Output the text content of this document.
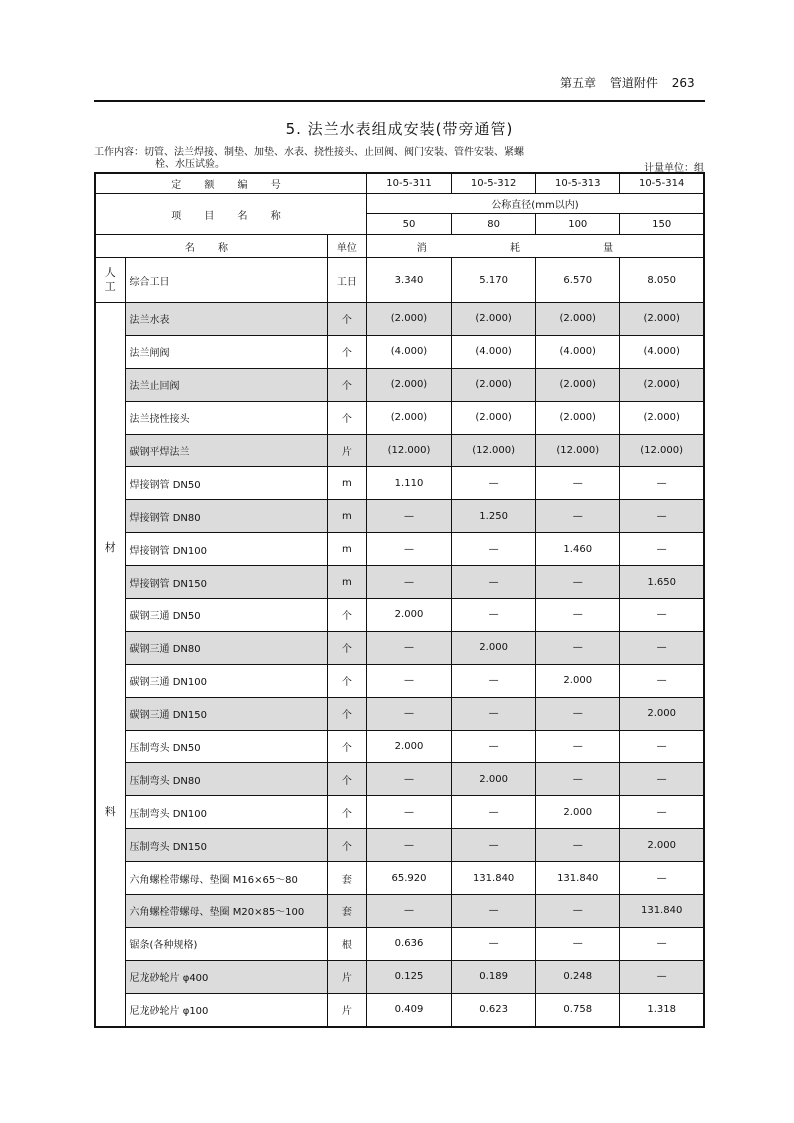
第五章 管道附件 263
5. 法兰水表组成安装(带旁通管)
工作内容：切管、法兰焊接、制垫、加垫、水表、挠性接头、止回阀、阀门安装、管件安装、紧螺
栓、水压试验。	计量单位：组
定 额 编 号			10-5-311	10-5-312	10-5-313	10-5-314
项 目 名 称			公称直径(mm以内)			
			50	80	100	150
名 称		单位	消 耗 量			

人
工	综合工日	工日	3.340	5.170	6.570	8.050

材
料	法兰水表	个	(2.000)	(2.000)	(2.000)	(2.000)
	法兰闸阀	个	(4.000)	(4.000)	(4.000)	(4.000)
	法兰止回阀	个	(2.000)	(2.000)	(2.000)	(2.000)
	法兰挠性接头	个	(2.000)	(2.000)	(2.000)	(2.000)
	碳钢平焊法兰	片	(12.000)	(12.000)	(12.000)	(12.000)
	焊接钢管 DN50	m	1.110	—	—	—
	焊接钢管 DN80	m	—	1.250	—	—
	焊接钢管 DN100	m	—	—	1.460	—
	焊接钢管 DN150	m	—	—	—	1.650
	碳钢三通 DN50	个	2.000	—	—	—
	碳钢三通 DN80	个	—	2.000	—	—
	碳钢三通 DN100	个	—	—	2.000	—
	碳钢三通 DN150	个	—	—	—	2.000
	压制弯头 DN50	个	2.000	—	—	—
	压制弯头 DN80	个	—	2.000	—	—
	压制弯头 DN100	个	—	—	2.000	—
	压制弯头 DN150	个	—	—	—	2.000
	六角螺栓带螺母、垫圈 M16×65～80	套	65.920	131.840	131.840	—
	六角螺栓带螺母、垫圈 M20×85～100	套	—	—	—	131.840
	锯条(各种规格)	根	0.636	—	—	—
	尼龙砂轮片 φ400	片	0.125	0.189	0.248	—
	尼龙砂轮片 φ100	片	0.409	0.623	0.758	1.318
